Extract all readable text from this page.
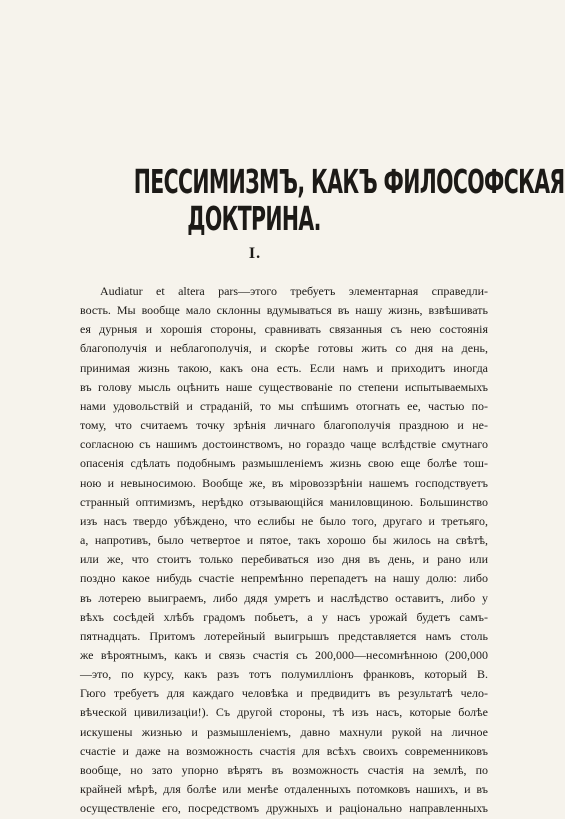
ПЕССИМИЗМЪ, КАКЪ ФИЛОСОФСКАЯ
ДОКТРИНА.
I.
Audiatur et altera pars—этого требуетъ элементарная справедли-
вость. Мы вообще мало склонны вдумываться въ нашу жизнь, взвѣшивать
ея дурныя и хорошія стороны, сравнивать связанныя съ нею состоянія
благополучія и неблагополучія, и скорѣе готовы жить со дня на день,
принимая жизнь такою, какъ она есть. Если намъ и приходитъ иногда
въ голову мысль оцѣнить наше существованіе по степени испытываемыхъ
нами удовольствій и страданій, то мы спѣшимъ отогнать ее, частью по-
тому, что считаемъ точку зрѣнія личнаго благополучія праздною и не-
согласною съ нашимъ достоинствомъ, но гораздо чаще вслѣдствіе смутнаго
опасенія сдѣлать подобнымъ размышленіемъ жизнь свою еще болѣе тош-
ною и невыносимою. Вообще же, въ міровоззрѣніи нашемъ господствуетъ
странный оптимизмъ, нерѣдко отзывающійся маниловщиною. Большинство
изъ насъ твердо убѣждено, что еслибы не было того, другаго и третьяго,
а, напротивъ, было четвертое и пятое, такъ хорошо бы жилось на свѣтѣ,
или же, что стоитъ только перебиваться изо дня въ день, и рано или
поздно какое нибудь счастіе непремѣнно перепадетъ на нашу долю: либо
въ лотерею выиграемъ, либо дядя умретъ и наслѣдство оставитъ, либо у
вѣхъ сосѣдей хлѣбъ градомъ побьетъ, а у насъ урожай будетъ самъ-
пятнадцать. Притомъ лотерейный выигрышъ представляется намъ столь
же вѣроятнымъ, какъ и связь счастія съ 200,000—несомнѣнною (200,000
—это, по курсу, какъ разъ тотъ полумилліонъ франковъ, который В.
Гюго требуетъ для каждаго человѣка и предвидитъ въ результатѣ чело-
вѣческой цивилизаціи!). Съ другой стороны, тѣ изъ насъ, которые болѣе
искушены жизнью и размышленіемъ, давно махнули рукой на личное
счастіе и даже на возможность счастія для всѣхъ своихъ современниковъ
вообще, но зато упорно вѣрятъ въ возможность счастія на землѣ, по
крайней мѣрѣ, для болѣе или менѣе отдаленныхъ потомковъ нашихъ, и въ
осуществленіе его, посредствомъ дружныхъ и раціонально направленныхъ
